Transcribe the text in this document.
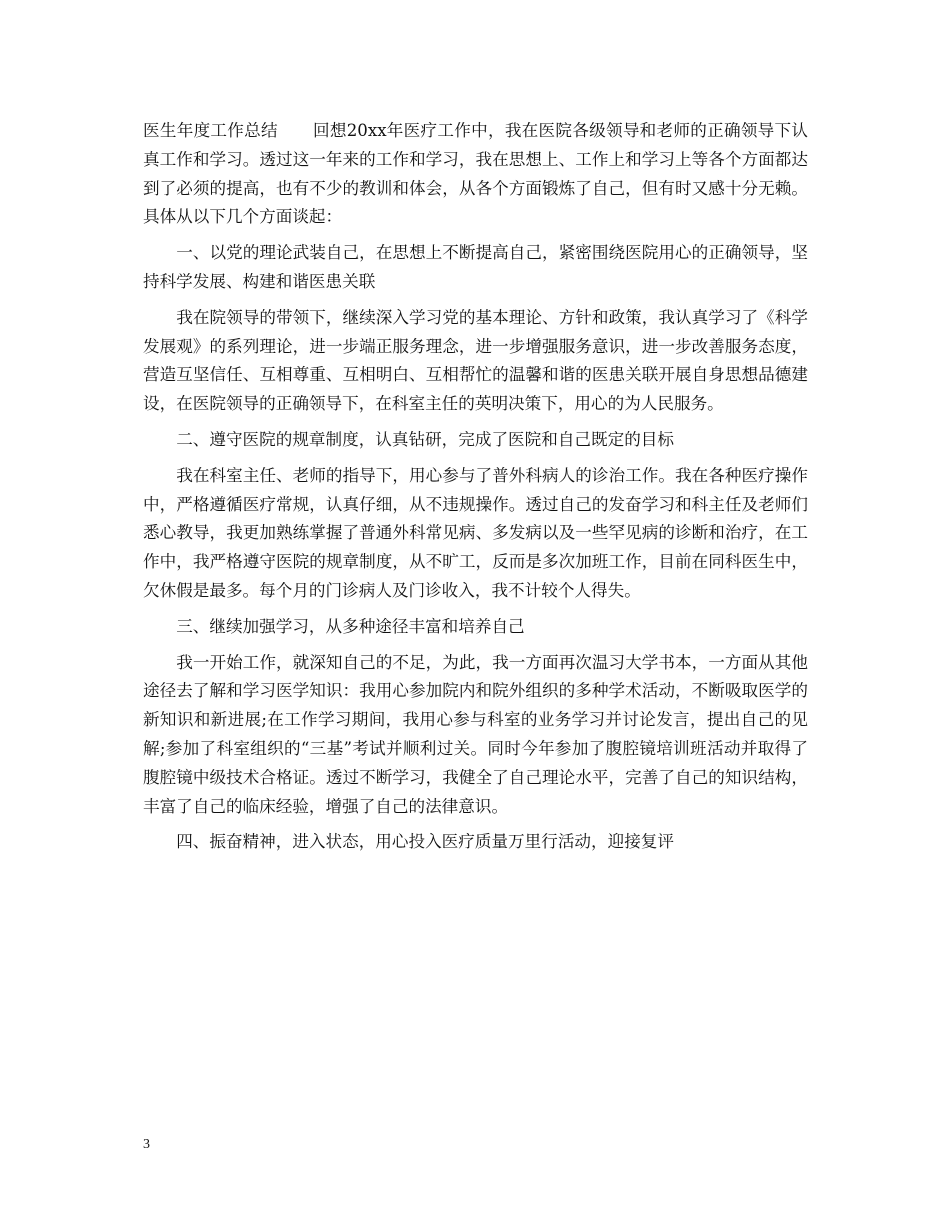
医生年度工作总结 回想20xx年医疗工作中，我在医院各级领导和老师的正确领导下认真工作和学习。透过这一年来的工作和学习，我在思想上、工作上和学习上等各个方面都达到了必须的提高，也有不少的教训和体会，从各个方面锻炼了自己，但有时又感十分无赖。具体从以下几个方面谈起：

一、以党的理论武装自己，在思想上不断提高自己，紧密围绕医院用心的正确领导，坚持科学发展、构建和谐医患关联

我在院领导的带领下，继续深入学习党的基本理论、方针和政策，我认真学习了《科学发展观》的系列理论，进一步端正服务理念，进一步增强服务意识，进一步改善服务态度，营造互坚信任、互相尊重、互相明白、互相帮忙的温馨和谐的医患关联开展自身思想品德建设，在医院领导的正确领导下，在科室主任的英明决策下，用心的为人民服务。

二、遵守医院的规章制度，认真钻研，完成了医院和自己既定的目标

我在科室主任、老师的指导下，用心参与了普外科病人的诊治工作。我在各种医疗操作中，严格遵循医疗常规，认真仔细，从不违规操作。透过自己的发奋学习和科主任及老师们悉心教导，我更加熟练掌握了普通外科常见病、多发病以及一些罕见病的诊断和治疗，在工作中，我严格遵守医院的规章制度，从不旷工，反而是多次加班工作，目前在同科医生中，欠休假是最多。每个月的门诊病人及门诊收入，我不计较个人得失。

三、继续加强学习，从多种途径丰富和培养自己

我一开始工作，就深知自己的不足，为此，我一方面再次温习大学书本，一方面从其他途径去了解和学习医学知识：我用心参加院内和院外组织的多种学术活动，不断吸取医学的新知识和新进展;在工作学习期间，我用心参与科室的业务学习并讨论发言，提出自己的见解;参加了科室组织的“三基”考试并顺利过关。同时今年参加了腹腔镜培训班活动并取得了腹腔镜中级技术合格证。透过不断学习，我健全了自己理论水平，完善了自己的知识结构，丰富了自己的临床经验，增强了自己的法律意识。

四、振奋精神，进入状态，用心投入医疗质量万里行活动，迎接复评

3
